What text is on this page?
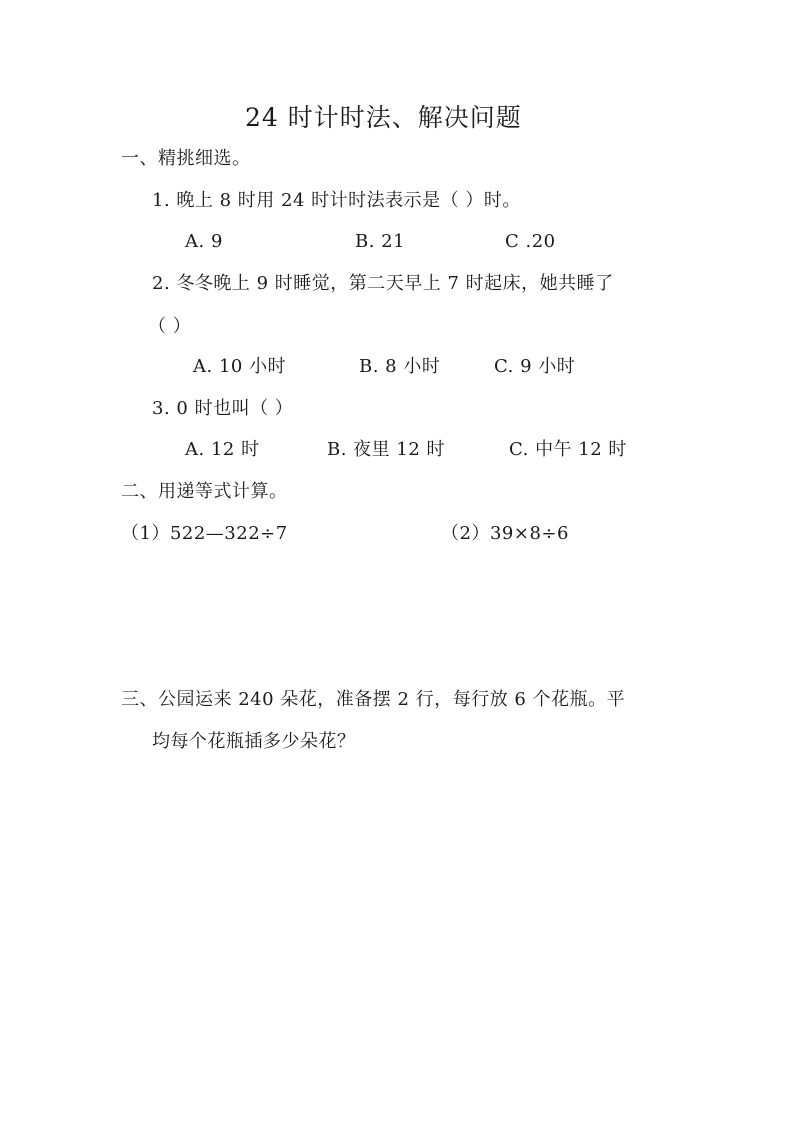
24 时计时法、解决问题
一、精挑细选。
1. 晚上 8 时用 24 时计时法表示是（ ）时。
A. 9	B. 21	C .20
2. 冬冬晚上 9 时睡觉，第二天早上 7 时起床，她共睡了
（ ）
A. 10 小时	B. 8 小时	C. 9 小时
3. 0 时也叫（ ）
A. 12 时	B. 夜里 12 时	C. 中午 12 时
二、用递等式计算。
（1）522—322÷7	（2）39×8÷6
三、公园运来 240 朵花，准备摆 2 行，每行放 6 个花瓶。平
均每个花瓶插多少朵花？
